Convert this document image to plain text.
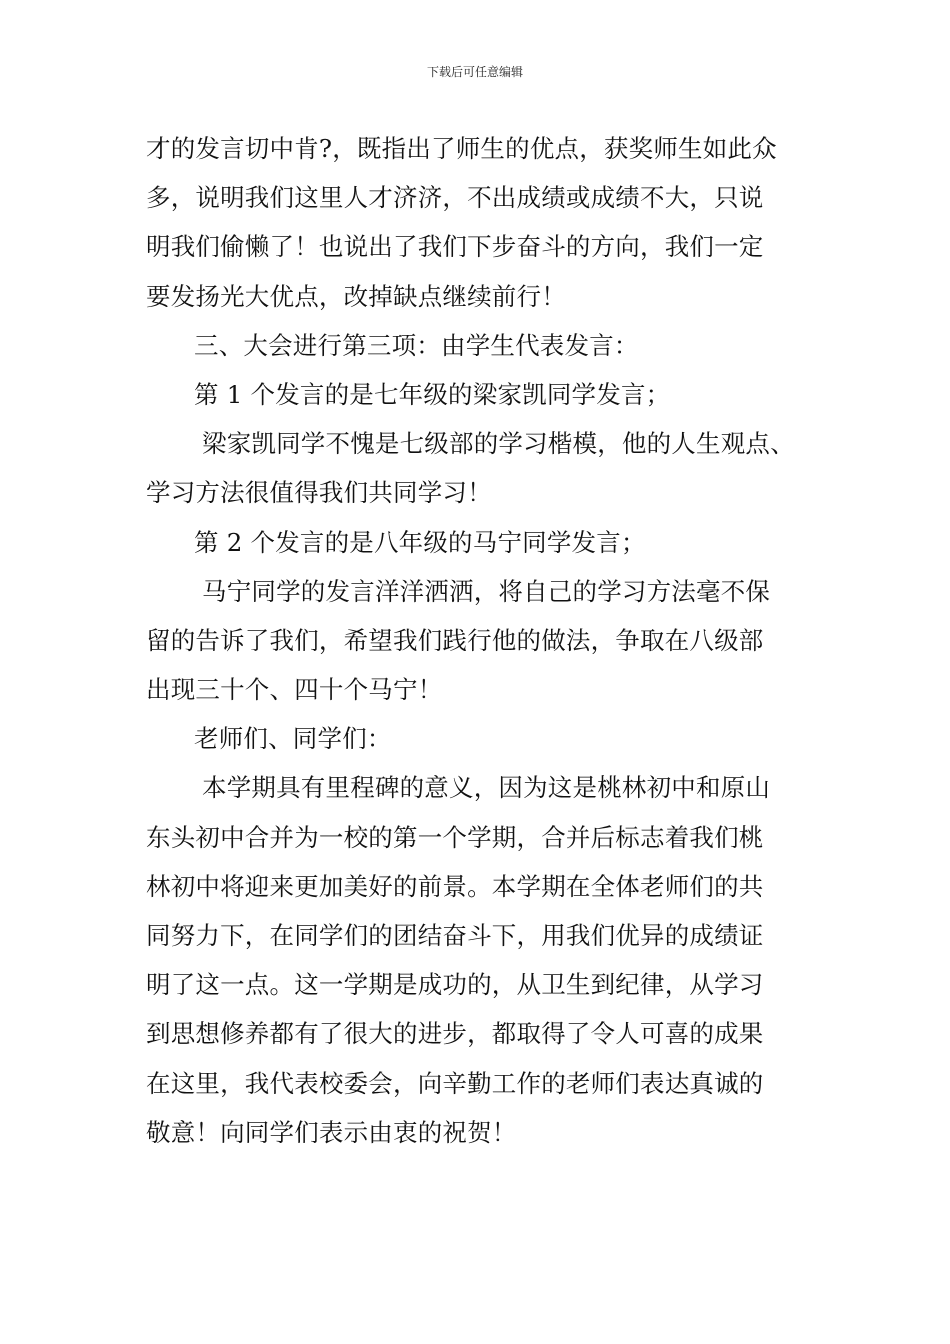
下载后可任意编辑
才的发言切中肯?，既指出了师生的优点，获奖师生如此众
多，说明我们这里人才济济，不出成绩或成绩不大，只说
明我们偷懒了！也说出了我们下步奋斗的方向，我们一定
要发扬光大优点，改掉缺点继续前行！
三、大会进行第三项：由学生代表发言：
第 1 个发言的是七年级的梁家凯同学发言；
梁家凯同学不愧是七级部的学习楷模，他的人生观点、
学习方法很值得我们共同学习！
第 2 个发言的是八年级的马宁同学发言；
马宁同学的发言洋洋洒洒，将自己的学习方法毫不保
留的告诉了我们，希望我们践行他的做法，争取在八级部
出现三十个、四十个马宁！
老师们、同学们：
本学期具有里程碑的意义，因为这是桃林初中和原山
东头初中合并为一校的第一个学期，合并后标志着我们桃
林初中将迎来更加美好的前景。本学期在全体老师们的共
同努力下，在同学们的团结奋斗下，用我们优异的成绩证
明了这一点。这一学期是成功的，从卫生到纪律，从学习
到思想修养都有了很大的进步，都取得了令人可喜的成果
在这里，我代表校委会，向辛勤工作的老师们表达真诚的
敬意！向同学们表示由衷的祝贺！
